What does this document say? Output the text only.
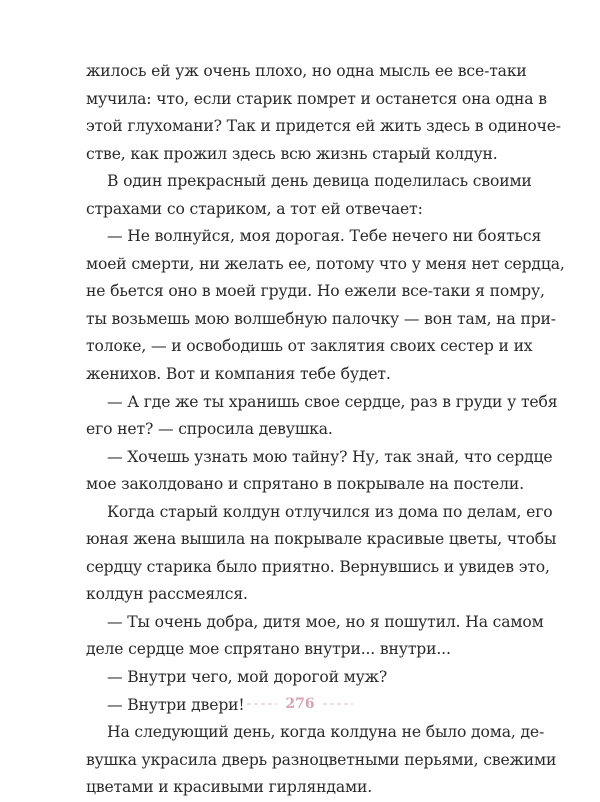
жилось ей уж очень плохо, но одна мысль ее все-таки
мучила: что, если старик помрет и останется она одна в
этой глухомани? Так и придется ей жить здесь в одиноче-
стве, как прожил здесь всю жизнь старый колдун.

В один прекрасный день девица поделилась своими
страхами со стариком, а тот ей отвечает:

— Не волнуйся, моя дорогая. Тебе нечего ни бояться
моей смерти, ни желать ее, потому что у меня нет сердца,
не бьется оно в моей груди. Но ежели все-таки я помру,
ты возьмешь мою волшебную палочку — вон там, на при-
толоке, — и освободишь от заклятия своих сестер и их
женихов. Вот и компания тебе будет.

— А где же ты хранишь свое сердце, раз в груди у тебя
его нет? — спросила девушка.

— Хочешь узнать мою тайну? Ну, так знай, что сердце
мое заколдовано и спрятано в покрывале на постели.

Когда старый колдун отлучился из дома по делам, его
юная жена вышила на покрывале красивые цветы, чтобы
сердцу старика было приятно. Вернувшись и увидев это,
колдун рассмеялся.

— Ты очень добра, дитя мое, но я пошутил. На самом
деле сердце мое спрятано внутри... внутри...

— Внутри чего, мой дорогой муж?

— Внутри двери!

На следующий день, когда колдуна не было дома, де-
вушка украсила дверь разноцветными перьями, свежими
цветами и красивыми гирляндами.

276
